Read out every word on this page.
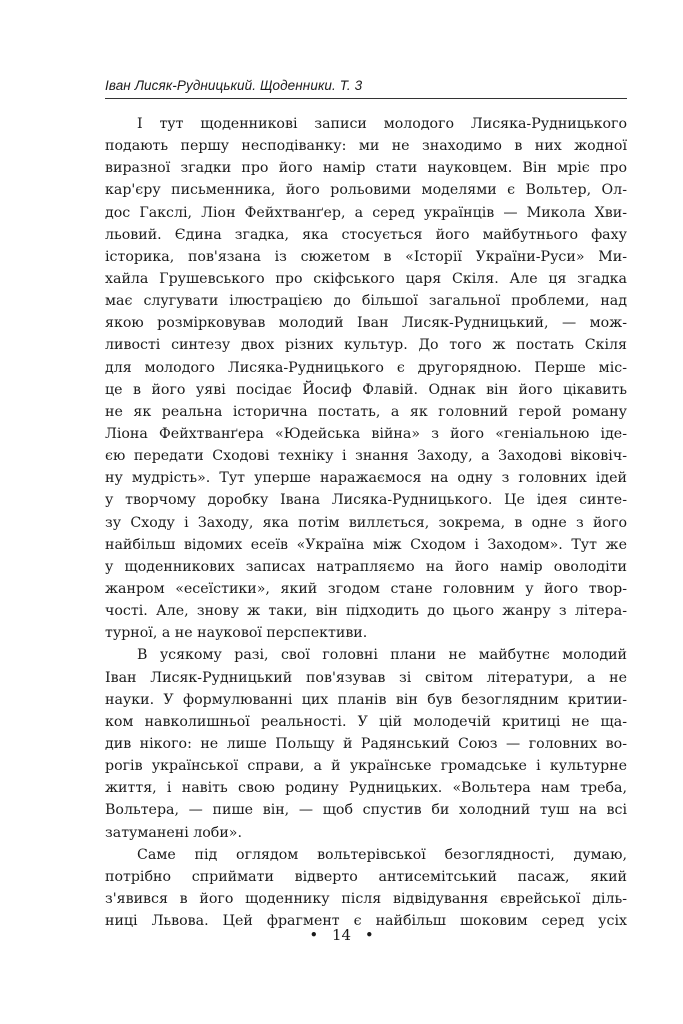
Іван Лисяк-Рудницький. Щоденники. Т. 3
І тут щоденникові записи молодого Лисяка-Рудницького
подають першу несподіванку: ми не знаходимо в них жодної
виразної згадки про його намір стати науковцем. Він мріє про
кар'єру письменника, його рольовими моделями є Вольтер, Ол-
дос Гакслі, Ліон Фейхтванґер, а серед українців — Микола Хви-
льовий. Єдина згадка, яка стосується його майбутнього фаху
історика, пов'язана із сюжетом в «Історії України-Руси» Ми-
хайла Грушевського про скіфського царя Скіля. Але ця згадка
має слугувати ілюстрацією до більшої загальної проблеми, над
якою розмірковував молодий Іван Лисяк-Рудницький, — мож-
ливості синтезу двох різних культур. До того ж постать Скіля
для молодого Лисяка-Рудницького є другорядною. Перше міс-
це в його уяві посідає Йосиф Флавій. Однак він його цікавить
не як реальна історична постать, а як головний герой роману
Ліона Фейхтванґера «Юдейська війна» з його «геніальною іде-
єю передати Сходові техніку і знання Заходу, а Заходові віковіч-
ну мудрість». Тут уперше наражаємося на одну з головних ідей
у творчому доробку Івана Лисяка-Рудницького. Це ідея синте-
зу Сходу і Заходу, яка потім виллється, зокрема, в одне з його
найбільш відомих есеїв «Україна між Сходом і Заходом». Тут же
у щоденникових записах натрапляємо на його намір оволодіти
жанром «есеїстики», який згодом стане головним у його твор-
чості. Але, знову ж таки, він підходить до цього жанру з літера-
турної, а не наукової перспективи.
В усякому разі, свої головні плани не майбутнє молодий
Іван Лисяк-Рудницький пов'язував зі світом літератури, а не
науки. У формулюванні цих планів він був безоглядним критии-
ком навколишньої реальності. У цій молодечій критиці не ща-
див нікого: не лише Польщу й Радянський Союз — головних во-
рогів української справи, а й українське громадське і культурне
життя, і навіть свою родину Рудницьких. «Вольтера нам треба,
Вольтера, — пише він, — щоб спустив би холодний туш на всі
затуманені лоби».
Саме під оглядом вольтерівської безоглядності, думаю,
потрібно сприймати відверто антисемітський пасаж, який
з'явився в його щоденнику після відвідування єврейської діль-
ниці Львова. Цей фрагмент є найбільш шоковим серед усіх
• 14 •
